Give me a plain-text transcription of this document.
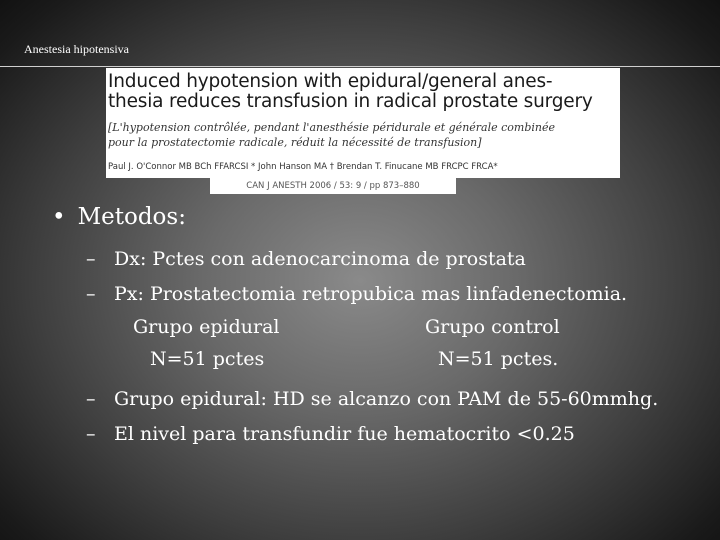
Anestesia hipotensiva
Induced hypotension with epidural/general anes-
thesia reduces transfusion in radical prostate surgery
[L'hypotension contrôlée, pendant l'anesthésie péridurale et générale combinée
pour la prostatectomie radicale, réduit la nécessité de transfusion]
Paul J. O'Connor MB BCh FFARCSI * John Hanson MA † Brendan T. Finucane MB FRCPC FRCA*
CAN J ANESTH 2006 / 53: 9 / pp 873–880
• Metodos:
– Dx: Pctes con adenocarcinoma de prostata
– Px: Prostatectomia retropubica mas linfadenectomia.
Grupo epidural	Grupo control
N=51 pctes	N=51 pctes.
– Grupo epidural: HD se alcanzo con PAM de 55-60mmhg.
– El nivel para transfundir fue hematocrito <0.25
